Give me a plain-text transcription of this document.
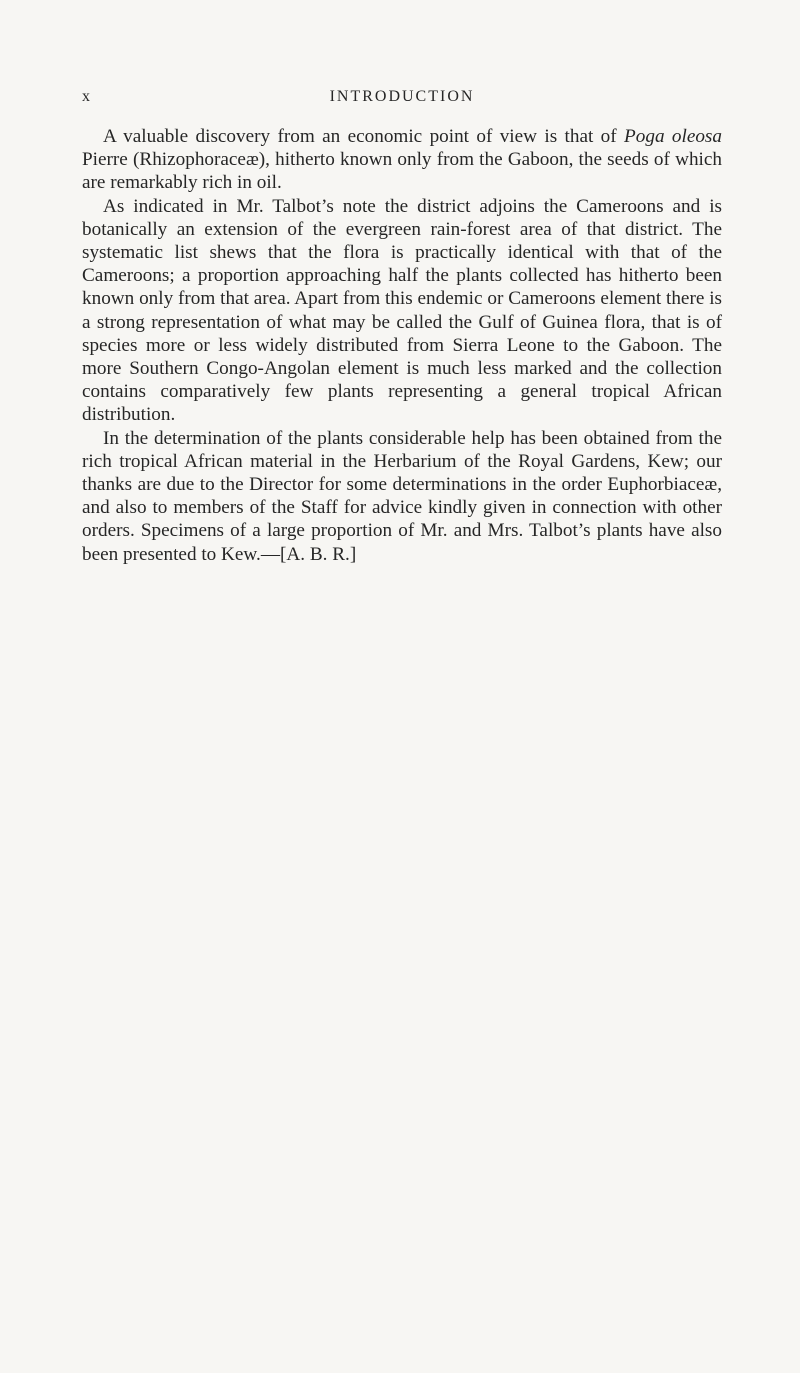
x	INTRODUCTION

A valuable discovery from an economic point of view is that of Poga oleosa Pierre (Rhizophoraceæ), hitherto known only from the Gaboon, the seeds of which are remarkably rich in oil.

As indicated in Mr. Talbot’s note the district adjoins the Cameroons and is botanically an extension of the evergreen rain-forest area of that district. The systematic list shews that the flora is practically identical with that of the Cameroons; a proportion approaching half the plants collected has hitherto been known only from that area. Apart from this endemic or Cameroons element there is a strong representation of what may be called the Gulf of Guinea flora, that is of species more or less widely distributed from Sierra Leone to the Gaboon. The more Southern Congo-Angolan element is much less marked and the collection contains comparatively few plants representing a general tropical African distribution.

In the determination of the plants considerable help has been obtained from the rich tropical African material in the Herbarium of the Royal Gardens, Kew; our thanks are due to the Director for some determinations in the order Euphorbiaceæ, and also to members of the Staff for advice kindly given in connection with other orders. Specimens of a large proportion of Mr. and Mrs. Talbot’s plants have also been presented to Kew.—[A. B. R.]
